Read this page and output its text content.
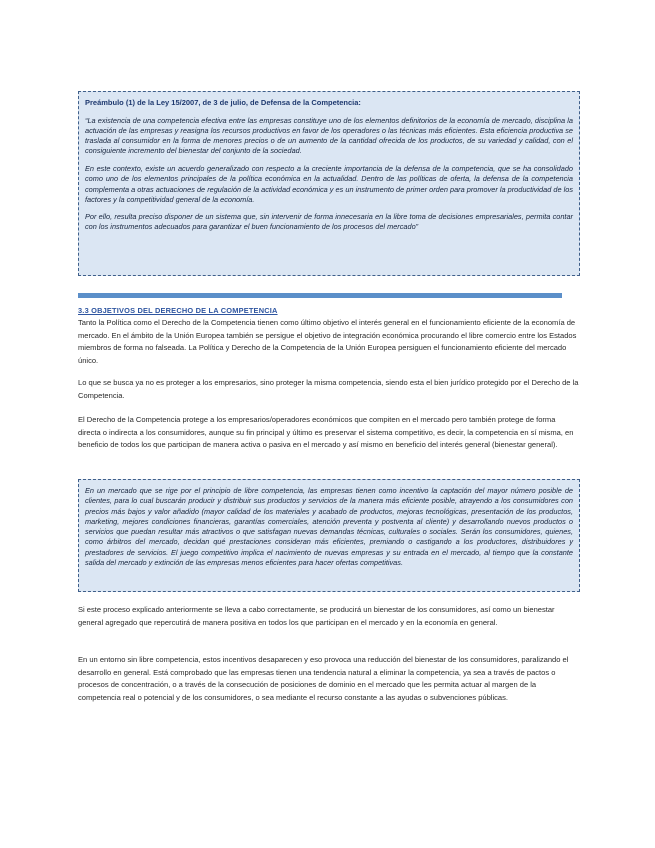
Preámbulo (1) de la Ley 15/2007, de 3 de julio, de Defensa de la Competencia:

“La existencia de una competencia efectiva entre las empresas constituye uno de los elementos definitorios de la economía de mercado, disciplina la actuación de las empresas y reasigna los recursos productivos en favor de los operadores o las técnicas más eficientes. Esta eficiencia productiva se traslada al consumidor en la forma de menores precios o de un aumento de la cantidad ofrecida de los productos, de su variedad y calidad, con el consiguiente incremento del bienestar del conjunto de la sociedad.

En este contexto, existe un acuerdo generalizado con respecto a la creciente importancia de la defensa de la competencia, que se ha consolidado como uno de los elementos principales de la política económica en la actualidad. Dentro de las políticas de oferta, la defensa de la competencia complementa a otras actuaciones de regulación de la actividad económica y es un instrumento de primer orden para promover la productividad de los factores y la competitividad general de la economía.

Por ello, resulta preciso disponer de un sistema que, sin intervenir de forma innecesaria en la libre toma de decisiones empresariales, permita contar con los instrumentos adecuados para garantizar el buen funcionamiento de los procesos del mercado”

3.3 OBJETIVOS DEL DERECHO DE LA COMPETENCIA

Tanto la Política como el Derecho de la Competencia tienen como último objetivo el interés general en el funcionamiento eficiente de la economía de mercado. En el ámbito de la Unión Europea también se persigue el objetivo de integración económica procurando el libre comercio entre los Estados miembros de forma no falseada. La Política y Derecho de la Competencia de la Unión Europea persiguen el funcionamiento eficiente del mercado único.

Lo que se busca ya no es proteger a los empresarios, sino proteger la misma competencia, siendo esta el bien jurídico protegido por el Derecho de la Competencia.

El Derecho de la Competencia protege a los empresarios/operadores económicos que compiten en el mercado pero también protege de forma directa o indirecta a los consumidores, aunque su fin principal y último es preservar el sistema competitivo, es decir, la competencia en sí misma, en beneficio de todos los que participan de manera activa o pasiva en el mercado y así mismo en beneficio del interés general (bienestar general).

En un mercado que se rige por el principio de libre competencia, las empresas tienen como incentivo la captación del mayor número posible de clientes, para lo cual buscarán producir y distribuir sus productos y servicios de la manera más eficiente posible, atrayendo a los consumidores con precios más bajos y valor añadido (mayor calidad de los materiales y acabado de productos, mejoras tecnológicas, presentación de los productos, marketing, mejores condiciones financieras, garantías comerciales, atención preventa y postventa al cliente) y desarrollando nuevos productos o servicios que puedan resultar más atractivos o que satisfagan nuevas demandas técnicas, culturales o sociales. Serán los consumidores, quienes, como árbitros del mercado, decidan qué prestaciones consideran más eficientes, premiando o castigando a los productores, distribuidores y prestadores de servicios. El juego competitivo implica el nacimiento de nuevas empresas y su entrada en el mercado, al tiempo que la constante salida del mercado y extinción de las empresas menos eficientes para hacer ofertas competitivas.

Si este proceso explicado anteriormente se lleva a cabo correctamente, se producirá un bienestar de los consumidores, así como un bienestar general agregado que repercutirá de manera positiva en todos los que participan en el mercado y en la economía en general.

En un entorno sin libre competencia, estos incentivos desaparecen y eso provoca una reducción del bienestar de los consumidores, paralizando el desarrollo en general. Está comprobado que las empresas tienen una tendencia natural a eliminar la competencia, ya sea a través de pactos o procesos de concentración, o a través de la consecución de posiciones de dominio en el mercado que les permita actuar al margen de la competencia real o potencial y de los consumidores, o sea mediante el recurso constante a las ayudas o subvenciones públicas.
